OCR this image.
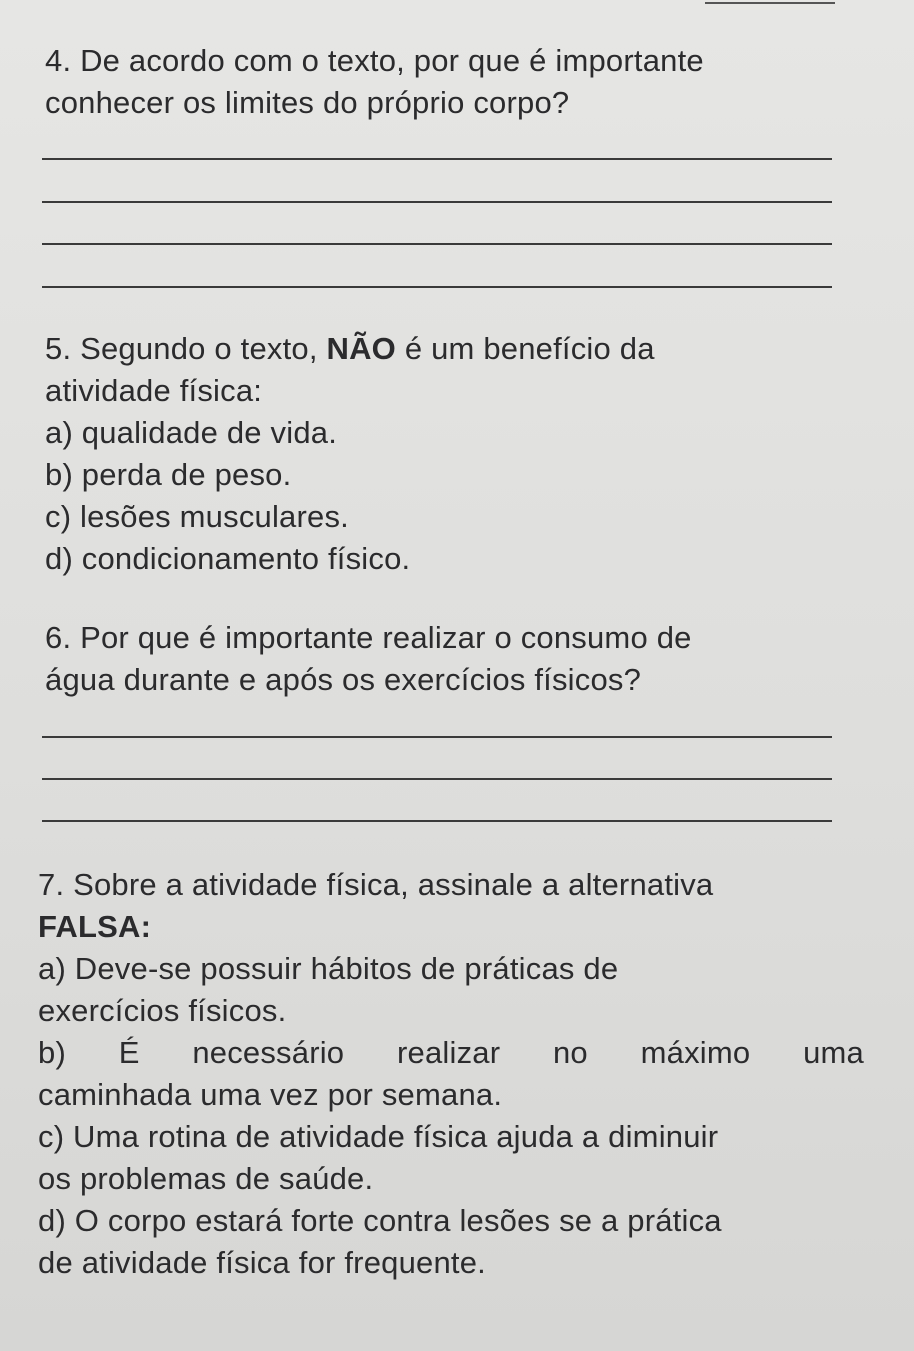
4. De acordo com o texto, por que é importante
conhecer os limites do próprio corpo?
5. Segundo o texto, NÃO é um benefício da
atividade física:
a) qualidade de vida.
b) perda de peso.
c) lesões musculares.
d) condicionamento físico.
6. Por que é importante realizar o consumo de
água durante e após os exercícios físicos?
7. Sobre a atividade física, assinale a alternativa
FALSA:
a) Deve-se possuir hábitos de práticas de
exercícios físicos.
b) É necessário realizar no máximo uma
caminhada uma vez por semana.
c) Uma rotina de atividade física ajuda a diminuir
os problemas de saúde.
d) O corpo estará forte contra lesões se a prática
de atividade física for frequente.
